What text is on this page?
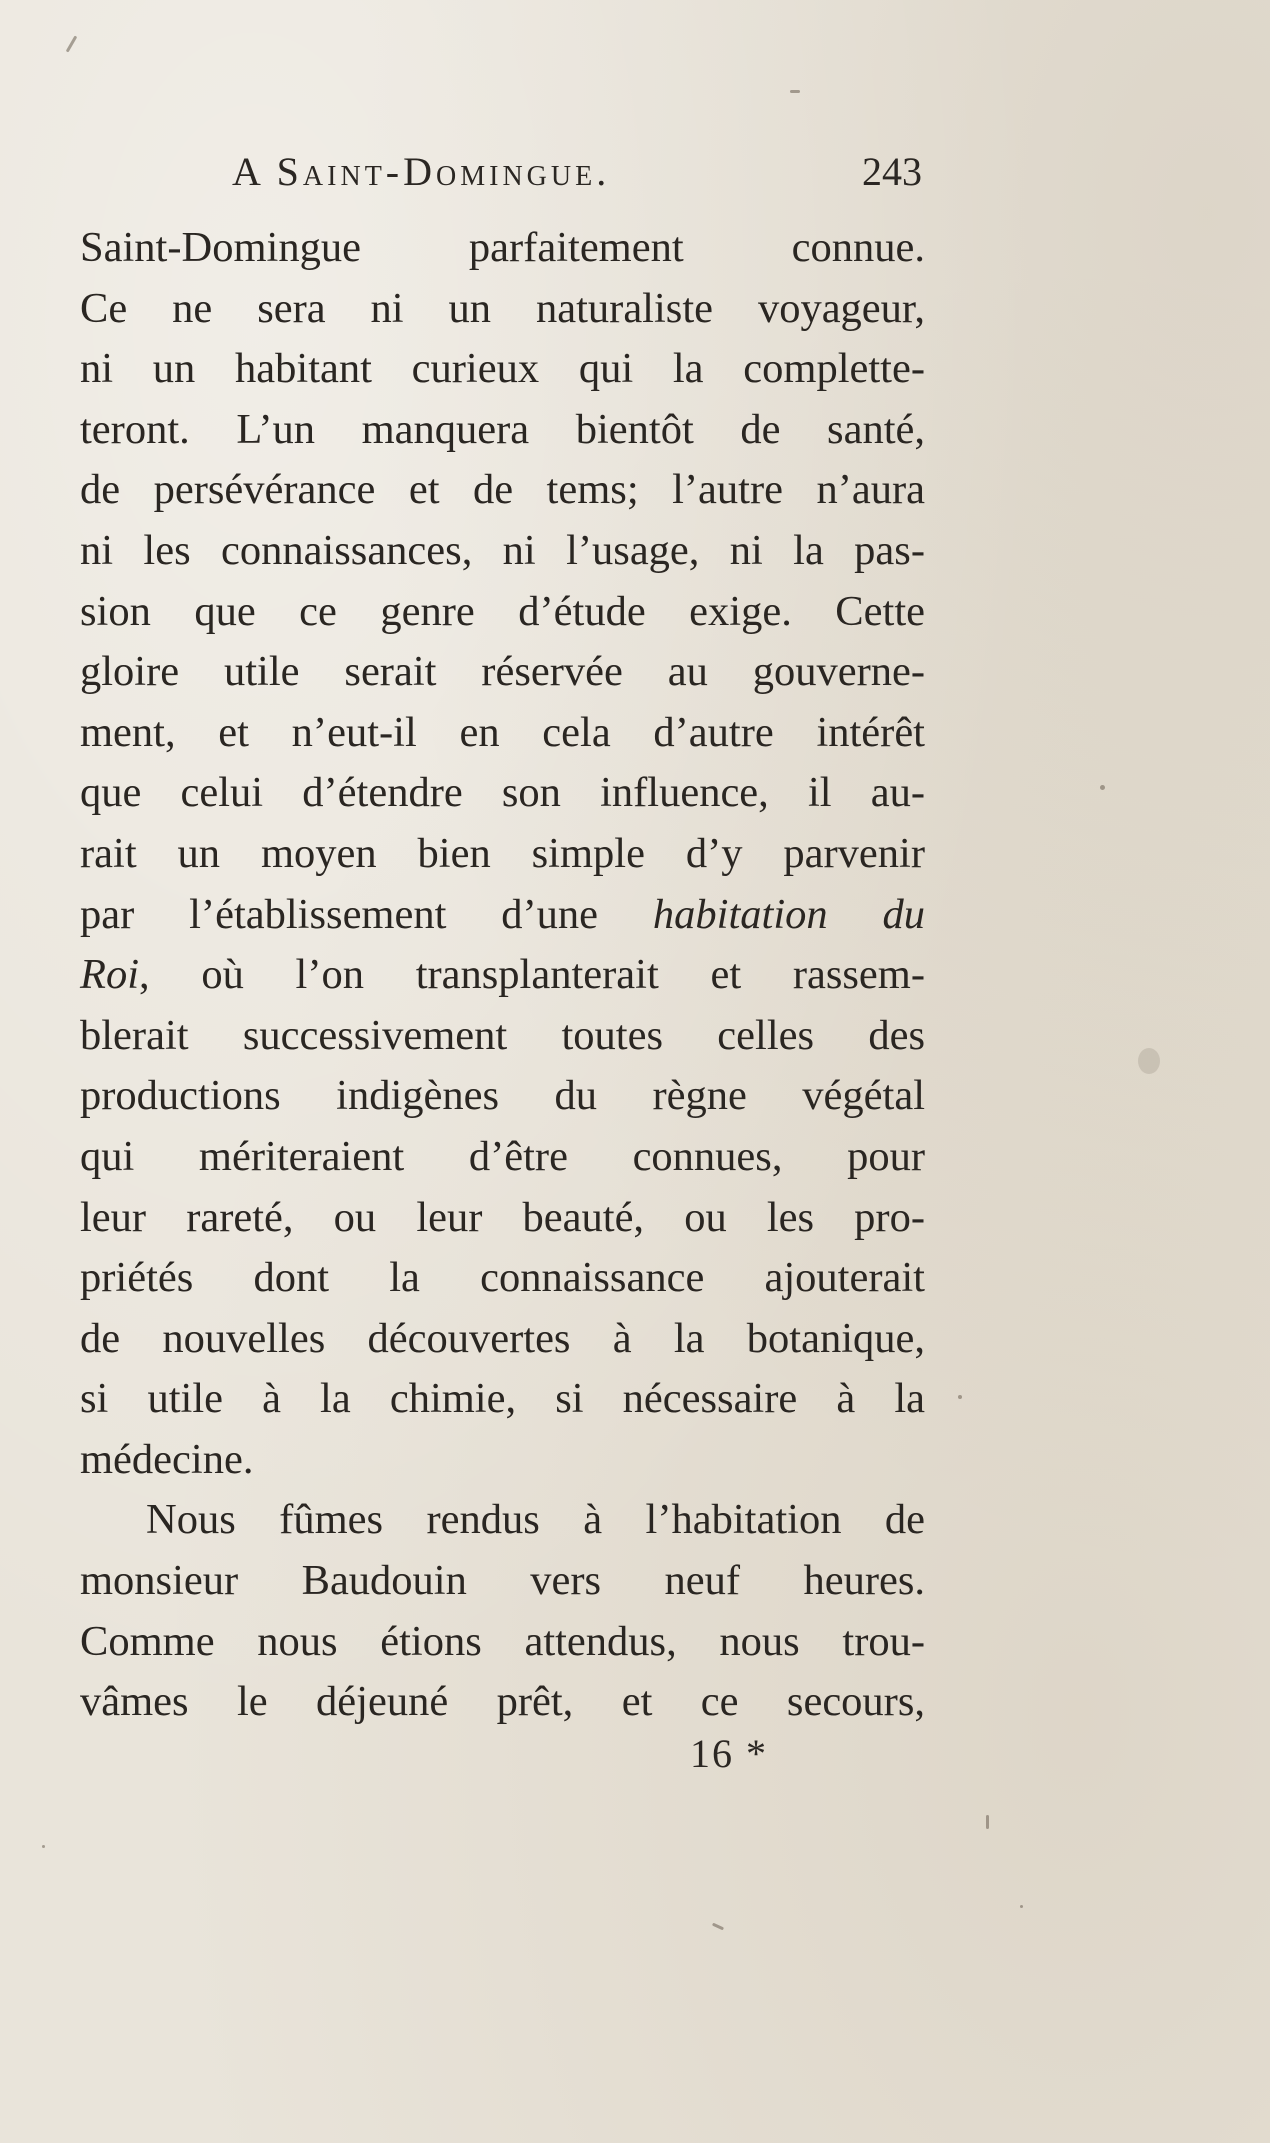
A Saint-Domingue.	243
Saint-Domingue parfaitement connue.
Ce ne sera ni un naturaliste voyageur,
ni un habitant curieux qui la complette-
teront. L’un manquera bientôt de santé,
de persévérance et de tems; l’autre n’aura
ni les connaissances, ni l’usage, ni la pas-
sion que ce genre d’étude exige. Cette
gloire utile serait réservée au gouverne-
ment, et n’eut-il en cela d’autre intérêt
que celui d’étendre son influence, il au-
rait un moyen bien simple d’y parvenir
par l’établissement d’une habitation du
Roi, où l’on transplanterait et rassem-
blerait successivement toutes celles des
productions indigènes du règne végétal
qui mériteraient d’être connues, pour
leur rareté, ou leur beauté, ou les pro-
priétés dont la connaissance ajouterait
de nouvelles découvertes à la botanique,
si utile à la chimie, si nécessaire à la
médecine.
Nous fûmes rendus à l’habitation de
monsieur Baudouin vers neuf heures.
Comme nous étions attendus, nous trou-
vâmes le déjeuné prêt, et ce secours,
16 *
